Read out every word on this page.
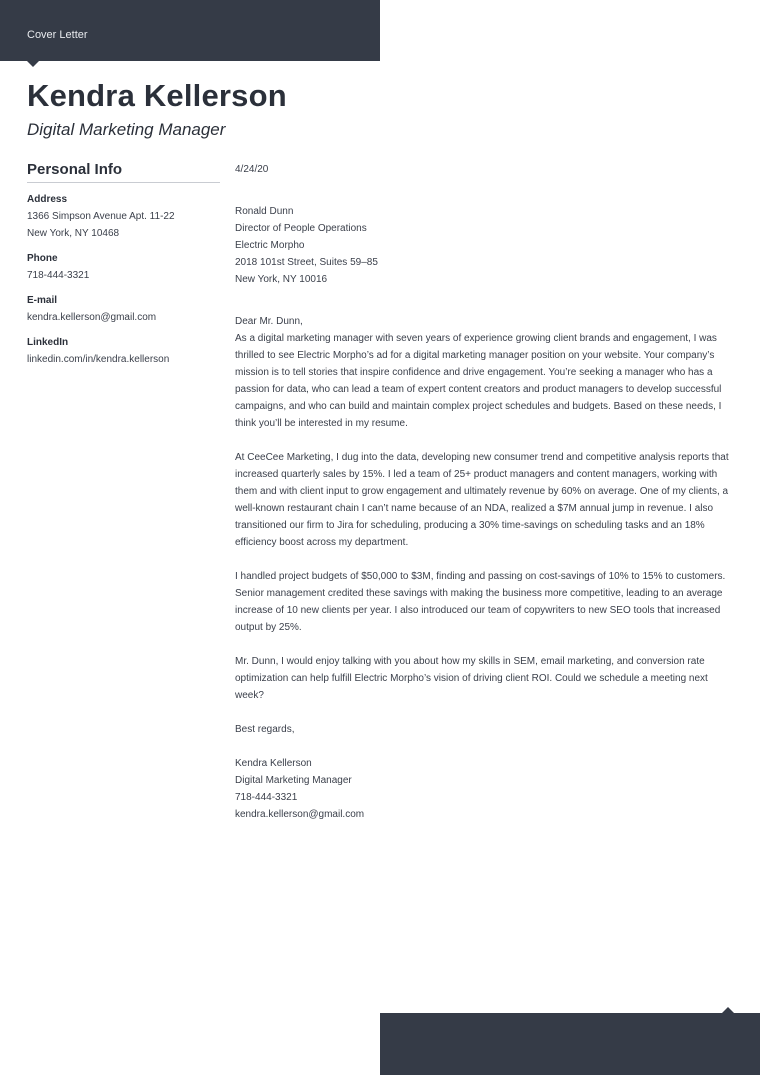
Cover Letter
Kendra Kellerson
Digital Marketing Manager
Personal Info
Address
1366 Simpson Avenue Apt. 11-22
New York, NY 10468
Phone
718-444-3321
E-mail
kendra.kellerson@gmail.com
LinkedIn
linkedin.com/in/kendra.kellerson

4/24/20

Ronald Dunn

Director of People Operations

Electric Morpho

2018 101st Street, Suites 59–85

New York, NY 10016

Dear Mr. Dunn,

As a digital marketing manager with seven years of experience growing client brands and engagement, I was thrilled to see Electric Morpho’s ad for a digital marketing manager position on your website. Your company’s mission is to tell stories that inspire confidence and drive engagement. You’re seeking a manager who has a passion for data, who can lead a team of expert content creators and product managers to develop successful campaigns, and who can build and maintain complex project schedules and budgets. Based on these needs, I think you’ll be interested in my resume.

At CeeCee Marketing, I dug into the data, developing new consumer trend and competitive analysis reports that increased quarterly sales by 15%. I led a team of 25+ product managers and content managers, working with them and with client input to grow engagement and ultimately revenue by 60% on average. One of my clients, a well-known restaurant chain I can’t name because of an NDA, realized a $7M annual jump in revenue. I also transitioned our firm to Jira for scheduling, producing a 30% time-savings on scheduling tasks and an 18% efficiency boost across my department.

I handled project budgets of $50,000 to $3M, finding and passing on cost-savings of 10% to 15% to customers. Senior management credited these savings with making the business more competitive, leading to an average increase of 10 new clients per year. I also introduced our team of copywriters to new SEO tools that increased output by 25%.

Mr. Dunn, I would enjoy talking with you about how my skills in SEM, email marketing, and conversion rate optimization can help fulfill Electric Morpho’s vision of driving client ROI. Could we schedule a meeting next week?

Best regards,

Kendra Kellerson

Digital Marketing Manager

718-444-3321

kendra.kellerson@gmail.com
